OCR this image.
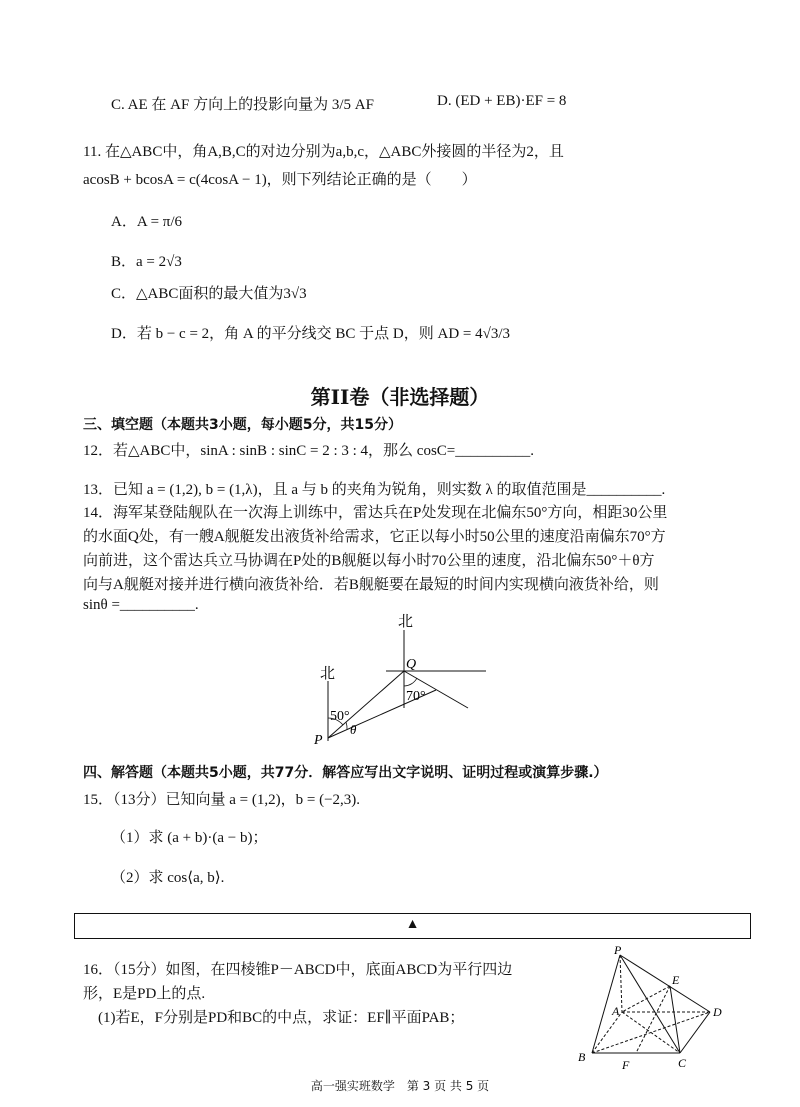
C. AE 在 AF 方向上的投影向量为 3/5 AF	D. (ED + EB)·EF = 8
11. 在△ABC中，角A,B,C的对边分别为a,b,c，△ABC外接圆的半径为2，且
acosB + bcosA = c(4cosA − 1)，则下列结论正确的是（　　）
A．A = π/6
B．a = 2√3
C．△ABC面积的最大值为3√3
D．若 b − c = 2，角 A 的平分线交 BC 于点 D，则 AD = 4√3/3
第II卷（非选择题）
三、填空题（本题共3小题，每小题5分，共15分）
12．若△ABC中，sinA : sinB : sinC = 2 : 3 : 4，那么 cosC=__________.
13．已知 a = (1,2), b = (1,λ)，且 a 与 b 的夹角为锐角，则实数 λ 的取值范围是__________.
14．海军某登陆舰队在一次海上训练中，雷达兵在P处发现在北偏东50°方向，相距30公里
的水面Q处，有一艘A舰艇发出液货补给需求，它正以每小时50公里的速度沿南偏东70°方
向前进，这个雷达兵立马协调在P处的B舰艇以每小时70公里的速度，沿北偏东50°＋θ方
向与A舰艇对接并进行横向液货补给．若B舰艇要在最短的时间内实现横向液货补给，则
sinθ =__________.
北
北
Q
P
50°
70°
θ
四、解答题（本题共5小题，共77分．解答应写出文字说明、证明过程或演算步骤.）
15．（13分）已知向量 a = (1,2)，b = (−2,3).
（1）求 (a + b)·(a − b)；
（2）求 cos⟨a, b⟩.
▲
16．（15分）如图，在四棱锥P－ABCD中，底面ABCD为平行四边
形，E是PD上的点.
(1)若E，F分别是PD和BC的中点，求证：EF∥平面PAB；
P
E
A	D
B
F	C
高一强实班数学　第 3 页 共 5 页
